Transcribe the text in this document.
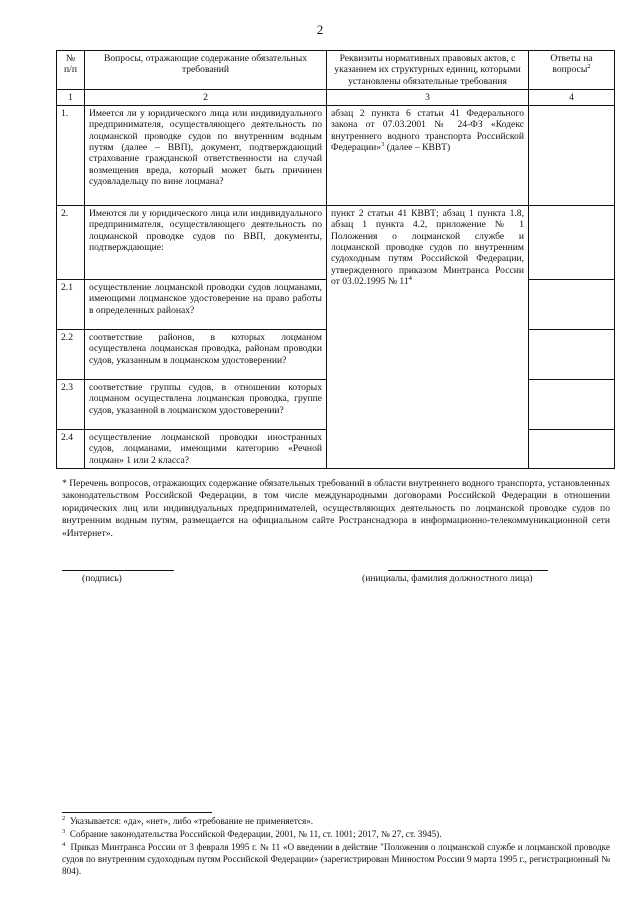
2
№ п/п	Вопросы, отражающие содержание обязательных требований	Реквизиты нормативных правовых актов, с указанием их структурных единиц, которыми установлены обязательные требования	Ответы на вопросы$^2$
1	2	3	4
1.	Имеется ли у юридического лица или индивидуального предпринимателя, осуществляющего деятельность по лоцманской проводке судов по внутренним водным путям (далее – ВВП), документ, подтверждающий страхование гражданской ответственности на случай возмещения вреда, который может быть причинен судовладельцу по вине лоцмана?	абзац 2 пункта 6 статьи 41 Федерального закона от 07.03.2001 № 24-ФЗ «Кодекс внутреннего водного транспорта Российской Федерации»$^3$ (далее – КВВТ)	
2.	Имеются ли у юридического лица или индивидуального предпринимателя, осуществляющего деятельность по лоцманской проводке судов по ВВП, документы, подтверждающие:	пункт 2 статьи 41 КВВТ; абзац 1 пункта 1.8, абзац 1 пункта 4.2, приложение № 1 Положения о лоцманской службе и лоцманской проводке судов по внутренним судоходным путям Российской Федерации, утвержденного приказом Минтранса России от 03.02.1995 № $11^4$	
2.1	осуществление лоцманской проводки судов лоцманами, имеющими лоцманское удостоверение на право работы в определенных районах?		
2.2	соответствие районов, в которых лоцманом осуществлена лоцманская проводка, районам проводки судов, указанным в лоцманском удостоверении?		
2.3	соответствие группы судов, в отношении которых лоцманом осуществлена лоцманская проводка, группе судов, указанной в лоцманском удостоверении?		
2.4	осуществление лоцманской проводки иностранных судов, лоцманами, имеющими категорию «Речной лоцман» 1 или 2 класса?		
* Перечень вопросов, отражающих содержание обязательных требований в области внутреннего водного транспорта, установленных законодательством Российской Федерации, в том числе международными договорами Российской Федерации в отношении юридических лиц или индивидуальных предпринимателей, осуществляющих деятельность по лоцманской проводке судов по внутренним водным путям, размещается на официальном сайте Ространснадзора в информационно-телекоммуникационной сети «Интернет».
(подпись)	(инициалы, фамилия должностного лица)

$^2$ Указывается: «да», «нет», либо «требование не применяется».

$^3$ Собрание законодательства Российской Федерации, 2001, № 11, ст. 1001; 2017, № 27, ст. 3945).

$^4$ Приказ Минтранса России от 3 февраля 1995 г. № 11 «О введении в действие "Положения о лоцманской службе и лоцманской проводке судов по внутренним судоходным путям Российской Федерации» (зарегистрирован Минюстом России 9 марта 1995 г., регистрационный № 804).
